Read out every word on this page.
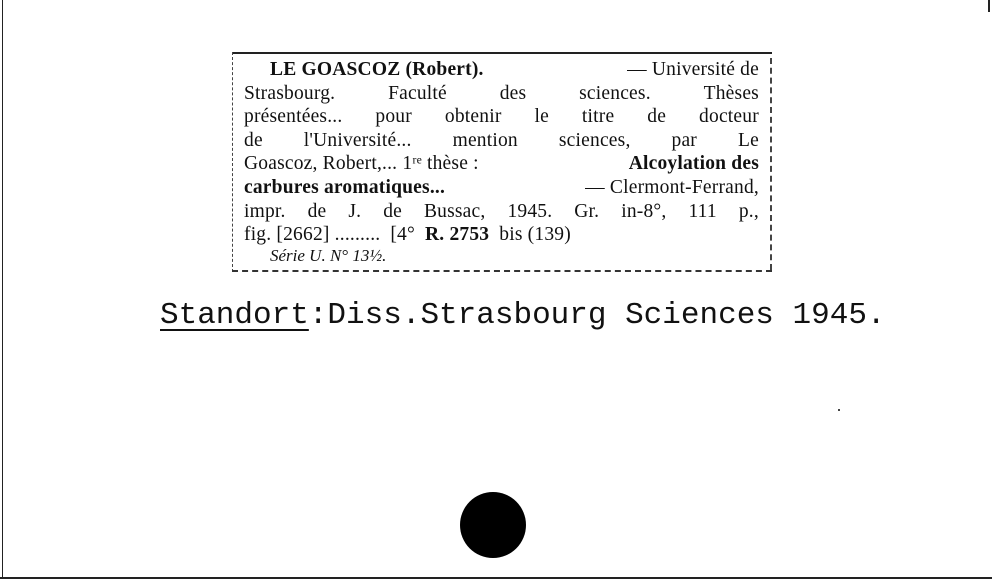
LE GOASCOZ (Robert).	— Université de
Strasbourg.	Faculté	des	sciences.	Thèses
présentées... pour obtenir le titre de docteur
de l'Université... mention sciences, par Le
Goascoz, Robert,... 1ʳᵉ thèse :	Alcoylation des
carbures aromatiques...	— Clermont-Ferrand,
impr. de J. de Bussac, 1945. Gr. in-8°, 111 p.,
fig. [2662] ......... [4° R. 2753 bis (139)
Série U. N° 13½.
Standort:Diss.Strasbourg Sciences 1945.
